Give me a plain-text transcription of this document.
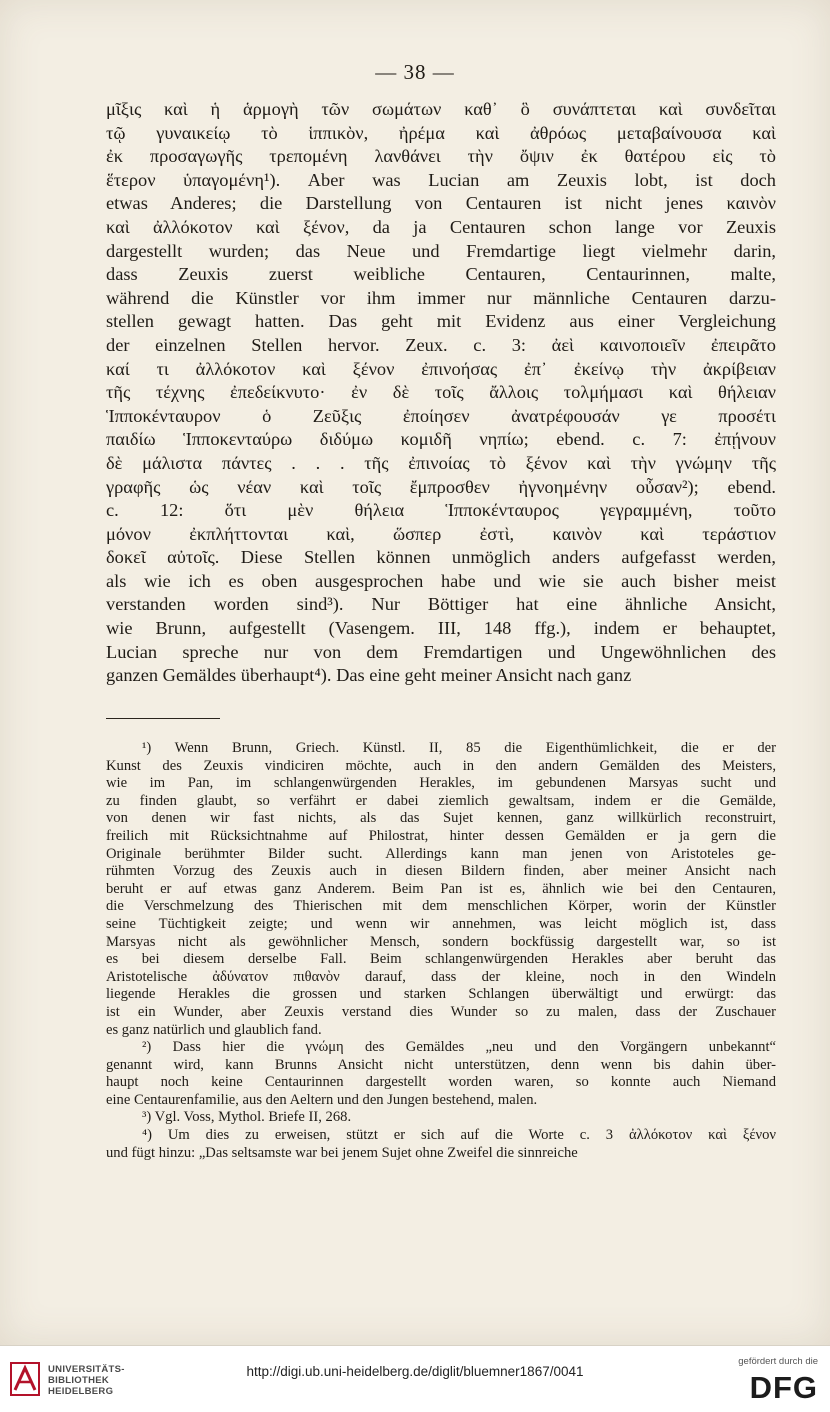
— 38 —
μῖξις καὶ ἡ ἁρμογὴ τῶν σωμάτων καθ᾽ ὃ συνάπτεται καὶ συνδεῖται
τῷ γυναικείῳ τὸ ἱππικὸν, ἠρέμα καὶ ἀθρόως μεταβαίνουσα καὶ
ἐκ προσαγωγῆς τρεπομένη λανθάνει τὴν ὄψιν ἐκ θατέρου εἰς τὸ
ἕτερον ὑπαγομένη¹). Aber was Lucian am Zeuxis lobt, ist doch
etwas Anderes; die Darstellung von Centauren ist nicht jenes καινὸν
καὶ ἀλλόκοτον καὶ ξένον, da ja Centauren schon lange vor Zeuxis
dargestellt wurden; das Neue und Fremdartige liegt vielmehr darin,
dass Zeuxis zuerst weibliche Centauren, Centaurinnen, malte,
während die Künstler vor ihm immer nur männliche Centauren darzu-
stellen gewagt hatten. Das geht mit Evidenz aus einer Vergleichung
der einzelnen Stellen hervor. Zeux. c. 3: ἀεὶ καινοποιεῖν ἐπειρᾶτο
καί τι ἀλλόκοτον καὶ ξένον ἐπινοήσας ἐπ᾽ ἐκείνῳ τὴν ἀκρίβειαν
τῆς τέχνης ἐπεδείκνυτο· ἐν δὲ τοῖς ἄλλοις τολμήμασι καὶ θήλειαν
Ἱπποκένταυρον ὁ Ζεῦξις ἐποίησεν ἀνατρέφουσάν γε προσέτι
παιδίω Ἱπποκενταύρω διδύμω κομιδῆ νηπίω; ebend. c. 7: ἐπῄνουν
δὲ μάλιστα πάντες . . . τῆς ἐπινοίας τὸ ξένον καὶ τὴν γνώμην τῆς
γραφῆς ὡς νέαν καὶ τοῖς ἔμπροσθεν ἠγνοημένην οὖσαν²); ebend.
c. 12: ὅτι μὲν θήλεια Ἱπποκένταυρος γεγραμμένη, τοῦτο
μόνον ἐκπλήττονται καὶ, ὥσπερ ἐστὶ, καινὸν καὶ τεράστιον
δοκεῖ αὐτοῖς. Diese Stellen können unmöglich anders aufgefasst werden,
als wie ich es oben ausgesprochen habe und wie sie auch bisher meist
verstanden worden sind³). Nur Böttiger hat eine ähnliche Ansicht,
wie Brunn, aufgestellt (Vasengem. III, 148 ffg.), indem er behauptet,
Lucian spreche nur von dem Fremdartigen und Ungewöhnlichen des
ganzen Gemäldes überhaupt⁴). Das eine geht meiner Ansicht nach ganz
¹) Wenn Brunn, Griech. Künstl. II, 85 die Eigenthümlichkeit, die er der
Kunst des Zeuxis vindiciren möchte, auch in den andern Gemälden des Meisters,
wie im Pan, im schlangenwürgenden Herakles, im gebundenen Marsyas sucht und
zu finden glaubt, so verfährt er dabei ziemlich gewaltsam, indem er die Gemälde,
von denen wir fast nichts, als das Sujet kennen, ganz willkürlich reconstruirt,
freilich mit Rücksichtnahme auf Philostrat, hinter dessen Gemälden er ja gern die
Originale berühmter Bilder sucht. Allerdings kann man jenen von Aristoteles ge-
rühmten Vorzug des Zeuxis auch in diesen Bildern finden, aber meiner Ansicht nach
beruht er auf etwas ganz Anderem. Beim Pan ist es, ähnlich wie bei den Centauren,
die Verschmelzung des Thierischen mit dem menschlichen Körper, worin der Künstler
seine Tüchtigkeit zeigte; und wenn wir annehmen, was leicht möglich ist, dass
Marsyas nicht als gewöhnlicher Mensch, sondern bockfüssig dargestellt war, so ist
es bei diesem derselbe Fall. Beim schlangenwürgenden Herakles aber beruht das
Aristotelische ἀδύνατον πιθανὸν darauf, dass der kleine, noch in den Windeln
liegende Herakles die grossen und starken Schlangen überwältigt und erwürgt: das
ist ein Wunder, aber Zeuxis verstand dies Wunder so zu malen, dass der Zuschauer
es ganz natürlich und glaublich fand.
²) Dass hier die γνώμη des Gemäldes „neu und den Vorgängern unbekannt“
genannt wird, kann Brunns Ansicht nicht unterstützen, denn wenn bis dahin über-
haupt noch keine Centaurinnen dargestellt worden waren, so konnte auch Niemand
eine Centaurenfamilie, aus den Aeltern und den Jungen bestehend, malen.
³) Vgl. Voss, Mythol. Briefe II, 268.
⁴) Um dies zu erweisen, stützt er sich auf die Worte c. 3 ἀλλόκοτον καὶ ξένον
und fügt hinzu: „Das seltsamste war bei jenem Sujet ohne Zweifel die sinnreiche
UNIVERSITÄTS-
BIBLIOTHEK
HEIDELBERG
http://digi.ub.uni-heidelberg.de/diglit/bluemner1867/0041
gefördert durch die
DFG
